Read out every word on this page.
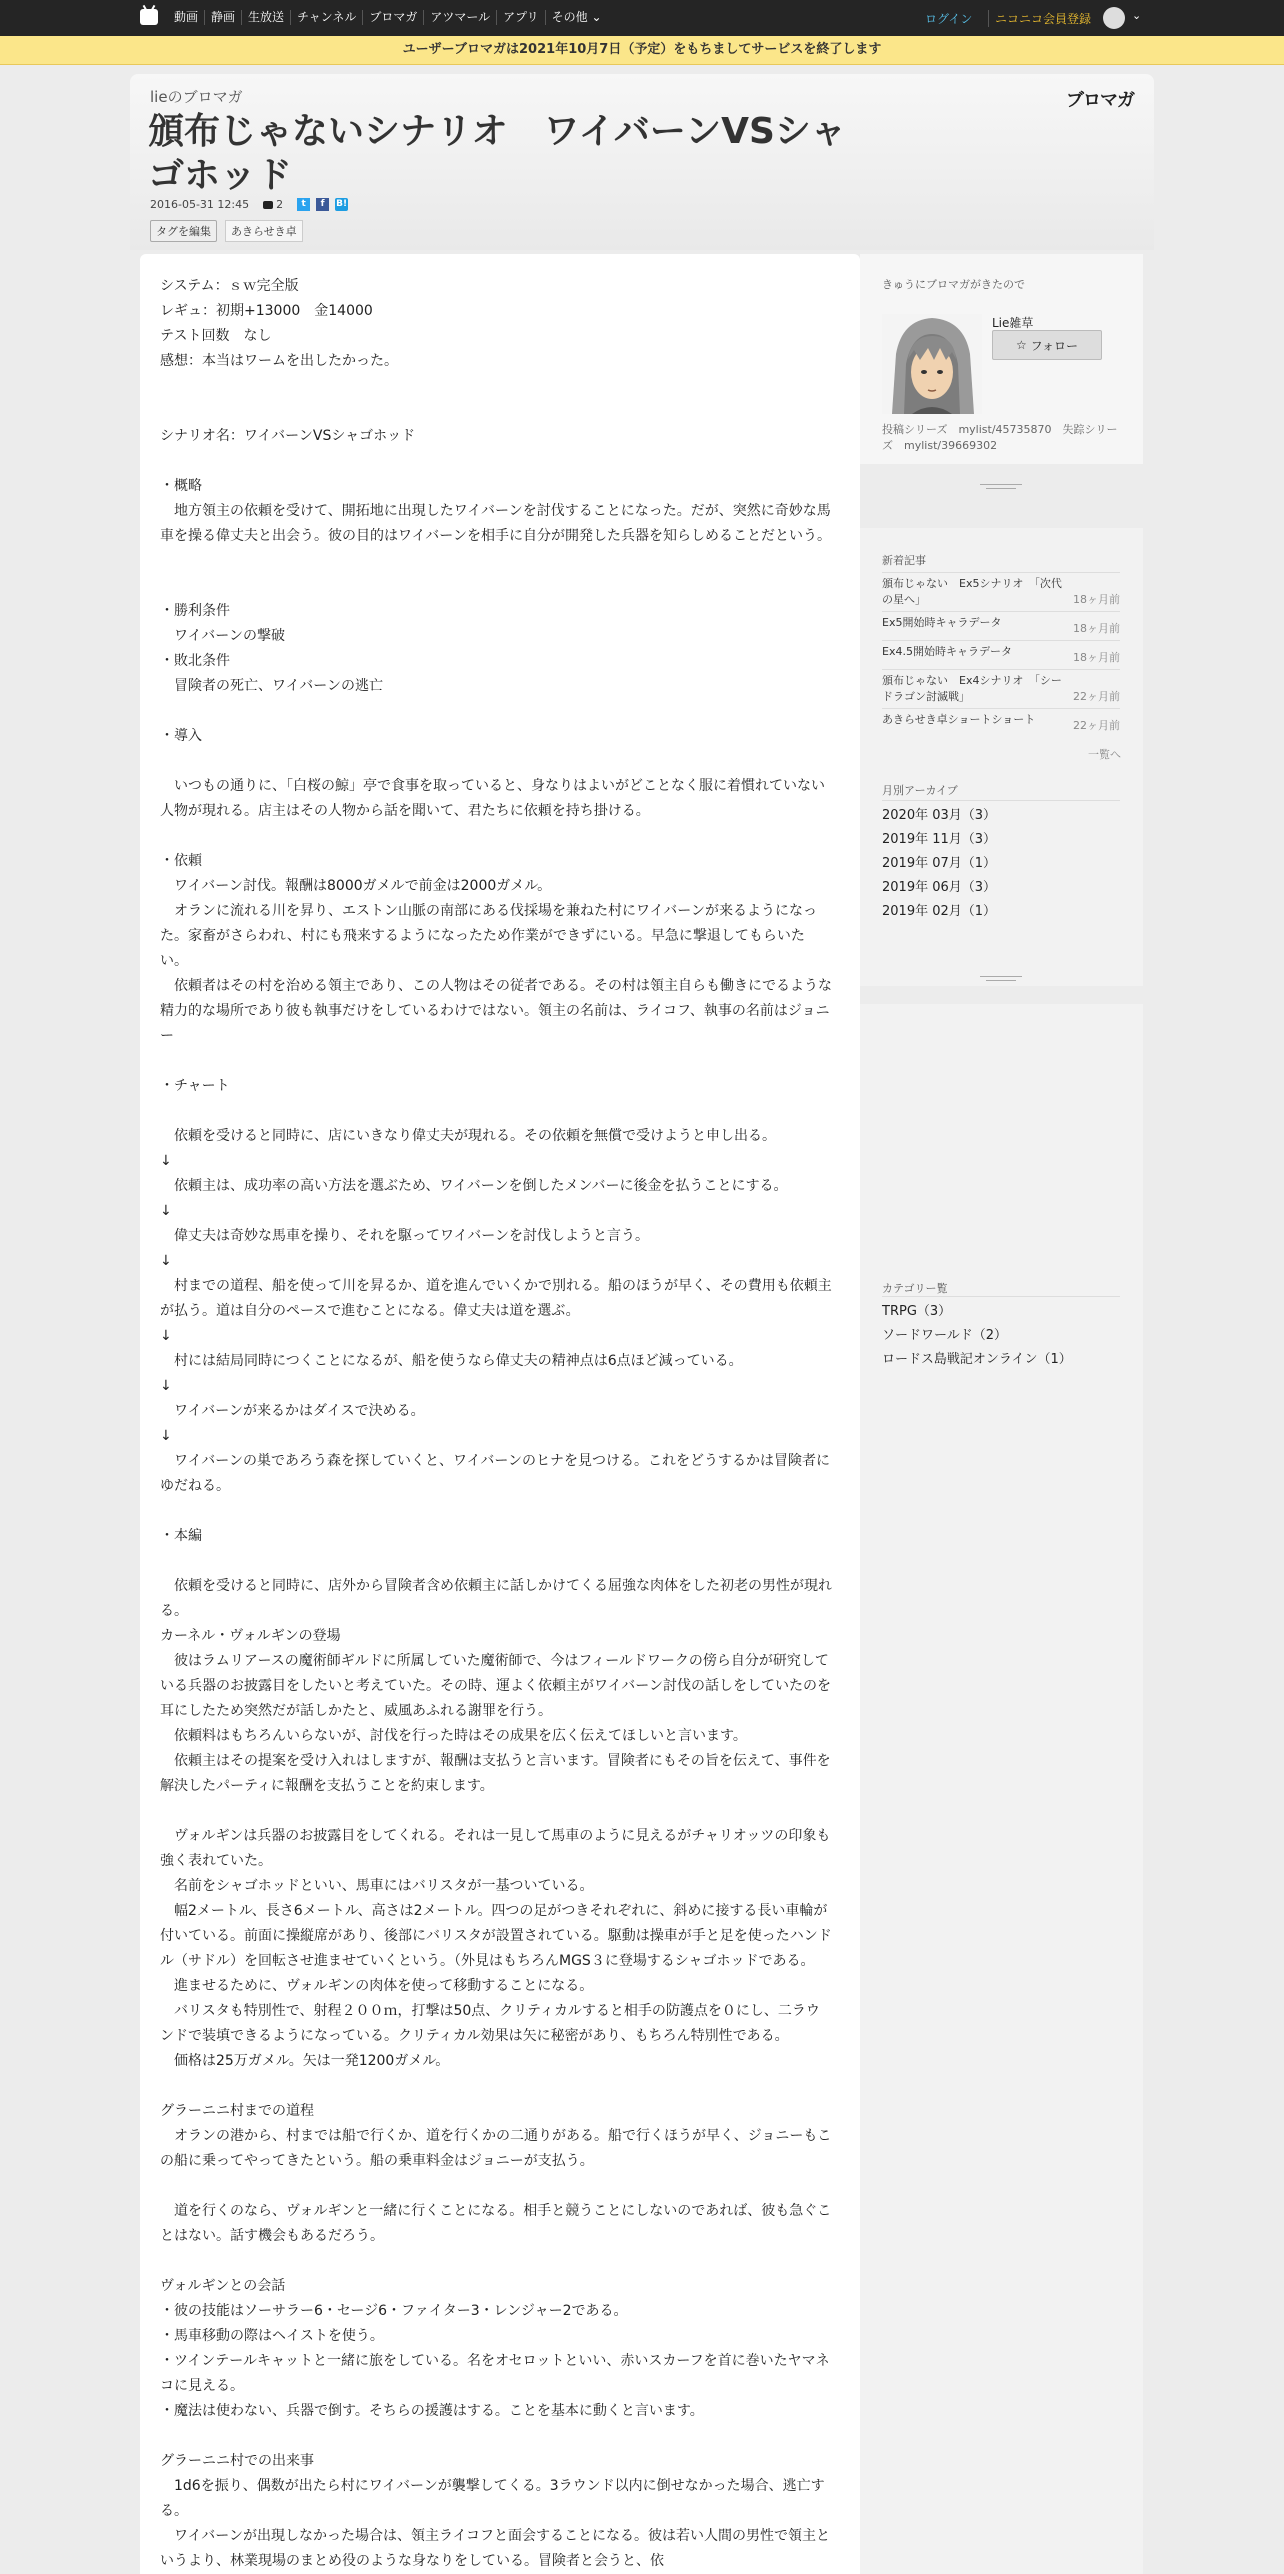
動画	静画	生放送	チャンネル	ブロマガ	アツマール	アプリ	その他 ⌄	ログイン	ニコニコ会員登録	⌄
ユーザーブロマガは2021年10月7日（予定）をもちましてサービスを終了します
lieのブロマガ
頒布じゃないシナリオ　ワイバーンVSシャゴホッド
2016-05-31 12:45 2	t	f	B!
タグを編集	あきらせき卓
ブロマガ

システム：ｓｗ完全版

レギュ：初期+13000　金14000

テスト回数　なし

感想：本当はワームを出したかった。

シナリオ名：ワイバーンVSシャゴホッド

・概略

　地方領主の依頼を受けて、開拓地に出現したワイバーンを討伐することになった。だが、突然に奇妙な馬車を操る偉丈夫と出会う。彼の目的はワイバーンを相手に自分が開発した兵器を知らしめることだという。

・勝利条件

　ワイバーンの撃破

・敗北条件

　冒険者の死亡、ワイバーンの逃亡

・導入

　いつもの通りに、「白桜の鯨」亭で食事を取っていると、身なりはよいがどことなく服に着慣れていない人物が現れる。店主はその人物から話を聞いて、君たちに依頼を持ち掛ける。

・依頼

　ワイバーン討伐。報酬は8000ガメルで前金は2000ガメル。

　オランに流れる川を昇り、エストン山脈の南部にある伐採場を兼ねた村にワイバーンが来るようになった。家畜がさらわれ、村にも飛来するようになったため作業ができずにいる。早急に撃退してもらいたい。

　依頼者はその村を治める領主であり、この人物はその従者である。その村は領主自らも働きにでるような精力的な場所であり彼も執事だけをしているわけではない。領主の名前は、ライコフ、執事の名前はジョニー

・チャート

　依頼を受けると同時に、店にいきなり偉丈夫が現れる。その依頼を無償で受けようと申し出る。

↓

　依頼主は、成功率の高い方法を選ぶため、ワイバーンを倒したメンバーに後金を払うことにする。

↓

　偉丈夫は奇妙な馬車を操り、それを駆ってワイバーンを討伐しようと言う。

↓

　村までの道程、船を使って川を昇るか、道を進んでいくかで別れる。船のほうが早く、その費用も依頼主が払う。道は自分のペースで進むことになる。偉丈夫は道を選ぶ。

↓

　村には結局同時につくことになるが、船を使うなら偉丈夫の精神点は6点ほど減っている。

↓

　ワイバーンが来るかはダイスで決める。

↓

　ワイバーンの巣であろう森を探していくと、ワイバーンのヒナを見つける。これをどうするかは冒険者にゆだねる。

・本編

　依頼を受けると同時に、店外から冒険者含め依頼主に話しかけてくる屈強な肉体をした初老の男性が現れる。

カーネル・ヴォルギンの登場

　彼はラムリアースの魔術師ギルドに所属していた魔術師で、今はフィールドワークの傍ら自分が研究している兵器のお披露目をしたいと考えていた。その時、運よく依頼主がワイバーン討伐の話しをしていたのを耳にしたため突然だが話しかたと、威風あふれる謝罪を行う。

　依頼料はもちろんいらないが、討伐を行った時はその成果を広く伝えてほしいと言います。

　依頼主はその提案を受け入れはしますが、報酬は支払うと言います。冒険者にもその旨を伝えて、事件を解決したパーティに報酬を支払うことを約束します。

　ヴォルギンは兵器のお披露目をしてくれる。それは一見して馬車のように見えるがチャリオッツの印象も強く表れていた。

　名前をシャゴホッドといい、馬車にはバリスタが一基ついている。

　幅2メートル、長さ6メートル、高さは2メートル。四つの足がつきそれぞれに、斜めに接する長い車輪が付いている。前面に操縦席があり、後部にバリスタが設置されている。駆動は操車が手と足を使ったハンドル（サドル）を回転させ進ませていくという。（外見はもちろんMGS３に登場するシャゴホッドである。

　進ませるために、ヴォルギンの肉体を使って移動することになる。

　バリスタも特別性で、射程２００ｍ，打撃は50点、クリティカルすると相手の防護点を０にし、二ラウンドで装填できるようになっている。クリティカル効果は矢に秘密があり、もちろん特別性である。

　価格は25万ガメル。矢は一発1200ガメル。

グラーニニ村までの道程

　オランの港から、村までは船で行くか、道を行くかの二通りがある。船で行くほうが早く、ジョニーもこの船に乗ってやってきたという。船の乗車料金はジョニーが支払う。

　道を行くのなら、ヴォルギンと一緒に行くことになる。相手と競うことにしないのであれば、彼も急ぐことはない。話す機会もあるだろう。

ヴォルギンとの会話

・彼の技能はソーサラー6・セージ6・ファイター3・レンジャー2である。

・馬車移動の際はヘイストを使う。

・ツインテールキャットと一緒に旅をしている。名をオセロットといい、赤いスカーフを首に巻いたヤマネコに見える。

・魔法は使わない、兵器で倒す。そちらの援護はする。ことを基本に動くと言います。

グラーニニ村での出来事

　1d6を振り、偶数が出たら村にワイバーンが襲撃してくる。3ラウンド以内に倒せなかった場合、逃亡する。

　ワイバーンが出現しなかった場合は、領主ライコフと面会することになる。彼は若い人間の男性で領主というより、林業現場のまとめ役のような身なりをしている。冒険者と会うと、依

きゅうにブロマガがきたので

Lie雑草
☆ フォロー
投稿シリーズ　mylist/45735870　失踪シリーズ　mylist/39669302

新着記事

頒布じゃない　Ex5シナリオ　「次代の星へ」	18ヶ月前
Ex5開始時キャラデータ	18ヶ月前
Ex4.5開始時キャラデータ	18ヶ月前
頒布じゃない　Ex4シナリオ　「シードラゴン討滅戦」	22ヶ月前
あきらせき卓ショートショート	22ヶ月前
一覧へ

月別アーカイブ

2020年 03月（3）
2019年 11月（3）
2019年 07月（1）
2019年 06月（3）
2019年 02月（1）

カテゴリー覧

TRPG（3）
ソードワールド（2）
ロードス島戦記オンライン（1）
